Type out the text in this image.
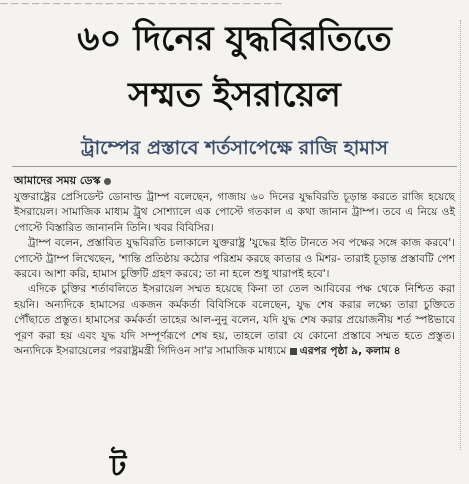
— — — — — — — — — — — — — — — — — — — — — — — — — — —
৬০ দিনের যুদ্ধবিরতিতে
সম্মত ইসরায়েল
ট্রাম্পের প্রস্তাবে শর্তসাপেক্ষে রাজি হামাস
আমাদের সময় ডেস্ক

যুক্তরাষ্ট্রের প্রেসিডেন্ট ডোনাল্ড ট্রাম্প বলেছেন, গাজায় ৬০ দিনের যুদ্ধবিরতি চূড়ান্ত করতে রাজি হয়েছে ইসরায়েল। সামাজিক মাধ্যম ট্রুথ সোশ্যালে এক পোস্টে গতকাল এ কথা জানান ট্রাম্প। তবে এ নিয়ে ওই পোস্টে বিস্তারিত জানাননি তিনি। খবর বিবিসির।

ট্রাম্প বলেন, প্রস্তাবিত যুদ্ধবিরতি চলাকালে যুক্তরাষ্ট্র 'যুদ্ধের ইতি টানতে সব পক্ষের সঙ্গে কাজ করবে'। পোস্টে ট্রাম্প লিখেছেন, 'শান্তি প্রতিষ্ঠায় কঠোর পরিশ্রম করছে কাতার ও মিশর- তারাই চূড়ান্ত প্রস্তাবটি পেশ করবে। আশা করি, হামাস চুক্তিটি গ্রহণ করবে; তা না হলে শুধু খারাপই হবে'।

এদিকে চুক্তির শর্তাবলিতে ইসরায়েল সম্মত হয়েছে কিনা তা তেল আবিবের পক্ষ থেকে নিশ্চিত করা হয়নি। অন্যদিকে হামাসের একজন কর্মকর্তা বিবিসিকে বলেছেন, যুদ্ধ শেষ করার লক্ষ্যে তারা চুক্তিতে পৌঁছাতে প্রস্তুত। হামাসের কর্মকর্তা তাহের আল-নুনু বলেন, যদি যুদ্ধ শেষ করার প্রয়োজনীয় শর্ত স্পষ্টভাবে পূরণ করা হয় এবং যুদ্ধ যদি সম্পূর্ণরূপে শেষ হয়, তাহলে তারা যে কোনো প্রস্তাবে সম্মত হতে প্রস্তুত। অন্যদিকে ইসরায়েলের পররাষ্ট্রমন্ত্রী গিদিওন সা'র সামাজিক মাধ্যমে এরপর পৃষ্ঠা ৯, কলাম ৪

ট
